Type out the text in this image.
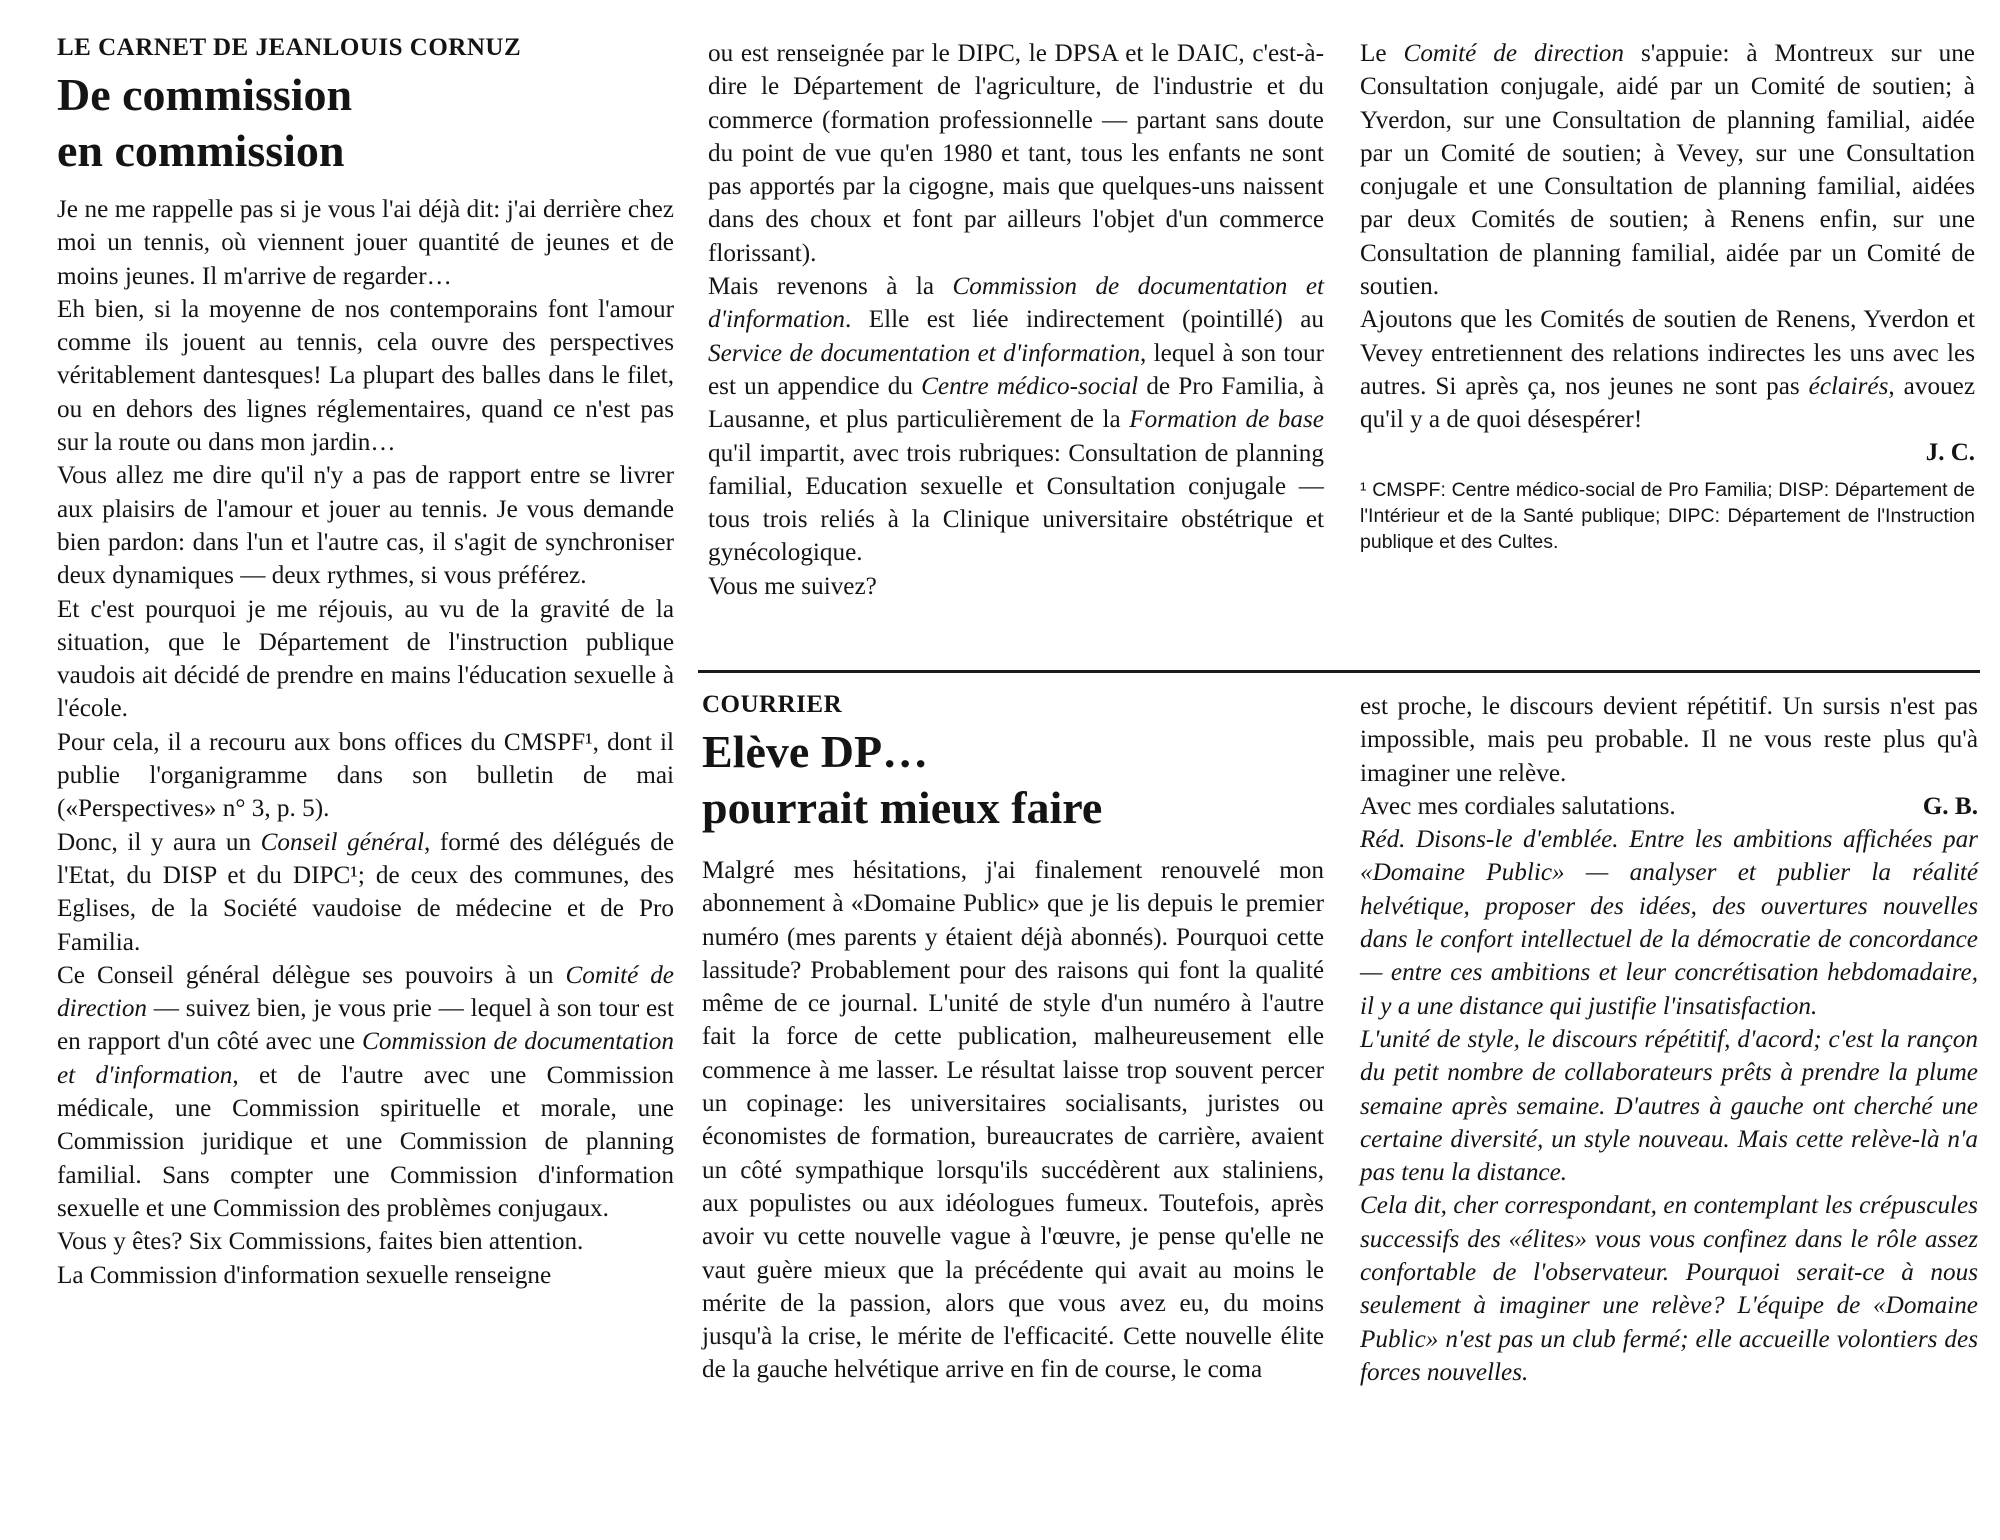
LE CARNET DE JEANLOUIS CORNUZ
De commission
en commission

Je ne me rappelle pas si je vous l'ai déjà dit: j'ai derrière chez moi un tennis, où viennent jouer quantité de jeunes et de moins jeunes. Il m'arrive de regarder…

Eh bien, si la moyenne de nos contemporains font l'amour comme ils jouent au tennis, cela ouvre des perspectives véritablement dantesques! La plupart des balles dans le filet, ou en dehors des lignes réglementaires, quand ce n'est pas sur la route ou dans mon jardin…

Vous allez me dire qu'il n'y a pas de rapport entre se livrer aux plaisirs de l'amour et jouer au tennis. Je vous demande bien pardon: dans l'un et l'autre cas, il s'agit de synchroniser deux dynamiques — deux rythmes, si vous préférez.

Et c'est pourquoi je me réjouis, au vu de la gravité de la situation, que le Département de l'instruction publique vaudois ait décidé de prendre en mains l'éducation sexuelle à l'école.

Pour cela, il a recouru aux bons offices du CMSPF¹, dont il publie l'organigramme dans son bulletin de mai («Perspectives» n° 3, p. 5).

Donc, il y aura un Conseil général, formé des délégués de l'Etat, du DISP et du DIPC¹; de ceux des communes, des Eglises, de la Société vaudoise de médecine et de Pro Familia.

Ce Conseil général délègue ses pouvoirs à un Comité de direction — suivez bien, je vous prie — lequel à son tour est en rapport d'un côté avec une Commission de documentation et d'information, et de l'autre avec une Commission médicale, une Commission spirituelle et morale, une Commission juridique et une Commission de planning familial. Sans compter une Commission d'information sexuelle et une Commission des problèmes conjugaux.

Vous y êtes? Six Commissions, faites bien attention.

La Commission d'information sexuelle renseigne

ou est renseignée par le DIPC, le DPSA et le DAIC, c'est-à-dire le Département de l'agriculture, de l'industrie et du commerce (formation professionnelle — partant sans doute du point de vue qu'en 1980 et tant, tous les enfants ne sont pas apportés par la cigogne, mais que quelques-uns naissent dans des choux et font par ailleurs l'objet d'un commerce florissant).

Mais revenons à la Commission de documentation et d'information. Elle est liée indirectement (pointillé) au Service de documentation et d'information, lequel à son tour est un appendice du Centre médico-social de Pro Familia, à Lausanne, et plus particulièrement de la Formation de base qu'il impartit, avec trois rubriques: Consultation de planning familial, Education sexuelle et Consultation conjugale — tous trois reliés à la Clinique universitaire obstétrique et gynécologique.

Vous me suivez?

Le Comité de direction s'appuie: à Montreux sur une Consultation conjugale, aidé par un Comité de soutien; à Yverdon, sur une Consultation de planning familial, aidée par un Comité de soutien; à Vevey, sur une Consultation conjugale et une Consultation de planning familial, aidées par deux Comités de soutien; à Renens enfin, sur une Consultation de planning familial, aidée par un Comité de soutien.

Ajoutons que les Comités de soutien de Renens, Yverdon et Vevey entretiennent des relations indirectes les uns avec les autres. Si après ça, nos jeunes ne sont pas éclairés, avouez qu'il y a de quoi désespérer!

J. C.

¹ CMSPF: Centre médico-social de Pro Familia; DISP: Département de l'Intérieur et de la Santé publique; DIPC: Département de l'Instruction publique et des Cultes.

COURRIER
Elève DP…
pourrait mieux faire

Malgré mes hésitations, j'ai finalement renouvelé mon abonnement à «Domaine Public» que je lis depuis le premier numéro (mes parents y étaient déjà abonnés). Pourquoi cette lassitude? Probablement pour des raisons qui font la qualité même de ce journal. L'unité de style d'un numéro à l'autre fait la force de cette publication, malheureusement elle commence à me lasser. Le résultat laisse trop souvent percer un copinage: les universitaires socialisants, juristes ou économistes de formation, bureaucrates de carrière, avaient un côté sympathique lorsqu'ils succédèrent aux staliniens, aux populistes ou aux idéologues fumeux. Toutefois, après avoir vu cette nouvelle vague à l'œuvre, je pense qu'elle ne vaut guère mieux que la précédente qui avait au moins le mérite de la passion, alors que vous avez eu, du moins jusqu'à la crise, le mérite de l'efficacité. Cette nouvelle élite de la gauche helvétique arrive en fin de course, le coma

est proche, le discours devient répétitif. Un sursis n'est pas impossible, mais peu probable. Il ne vous reste plus qu'à imaginer une relève.

Avec mes cordiales salutations.	G. B.

Réd. Disons-le d'emblée. Entre les ambitions affichées par «Domaine Public» — analyser et publier la réalité helvétique, proposer des idées, des ouvertures nouvelles dans le confort intellectuel de la démocratie de concordance — entre ces ambitions et leur concrétisation hebdomadaire, il y a une distance qui justifie l'insatisfaction.

L'unité de style, le discours répétitif, d'acord; c'est la rançon du petit nombre de collaborateurs prêts à prendre la plume semaine après semaine. D'autres à gauche ont cherché une certaine diversité, un style nouveau. Mais cette relève-là n'a pas tenu la distance.

Cela dit, cher correspondant, en contemplant les crépuscules successifs des «élites» vous vous confinez dans le rôle assez confortable de l'observateur. Pourquoi serait-ce à nous seulement à imaginer une relève? L'équipe de «Domaine Public» n'est pas un club fermé; elle accueille volontiers des forces nouvelles.
